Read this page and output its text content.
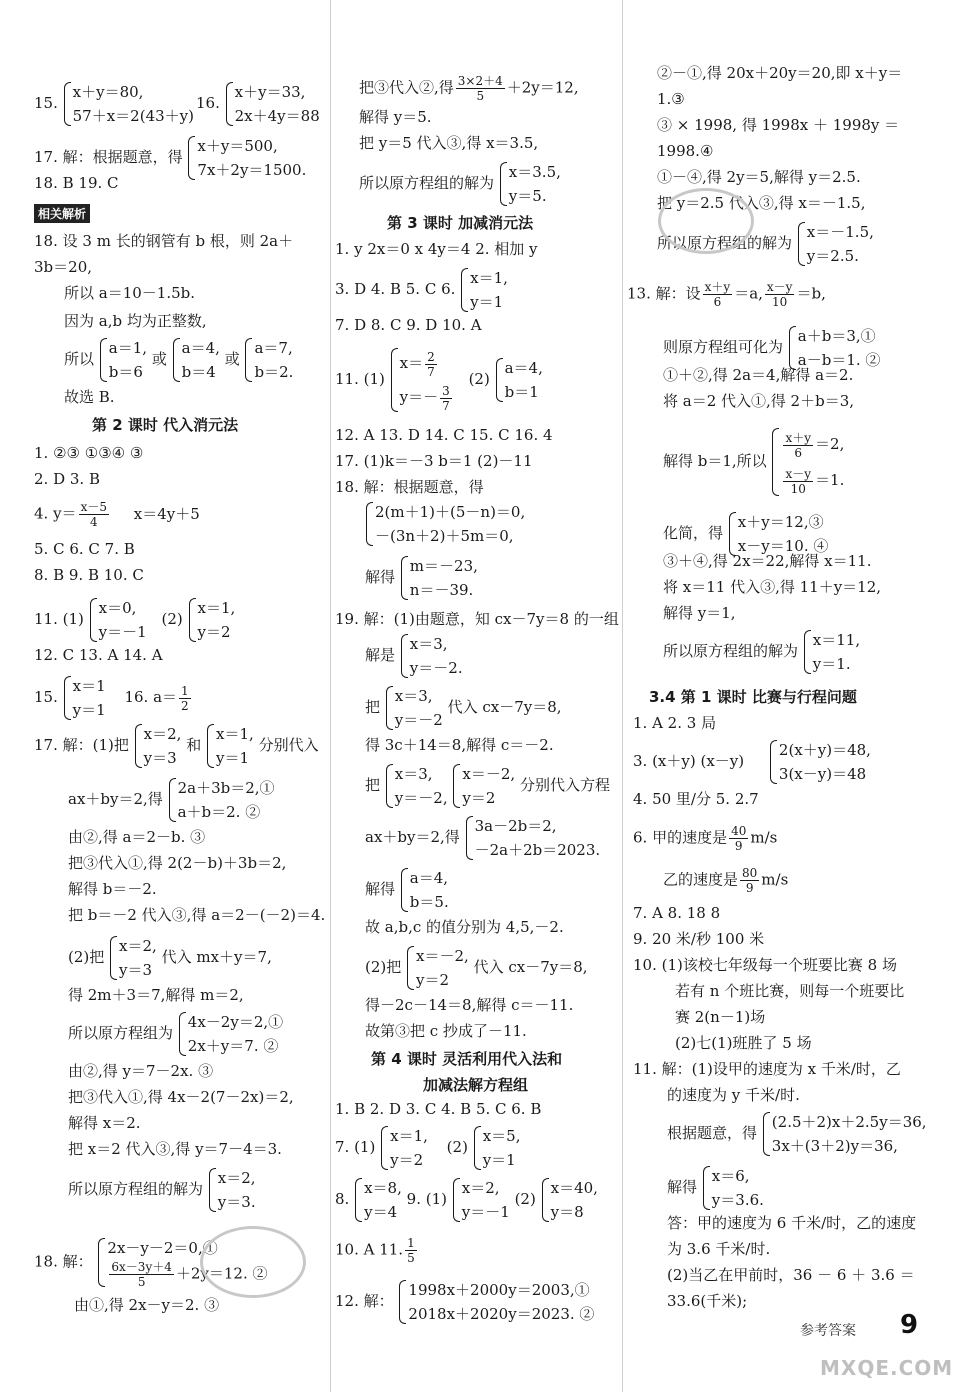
15.
x＋y＝80,
57＋x＝2(43＋y)
16.
x＋y＝33,
2x＋4y＝88
17. 解：根据题意，得
x＋y＝500,
7x＋2y＝1500.
18. B 19. C
相关解析
18. 设 3 m 长的钢管有 b 根，则 2a＋
3b＝20,
所以 a＝10－1.5b.
因为 a,b 均为正整数,
所以
a＝1,
b＝6
或
a＝4,
b＝4
或
a＝7,
b＝2.
故选 B.
第 2 课时 代入消元法
1. ②③ ①③④ ③
2. D 3. B
4. $y= \frac{x-5}{4} x=4y+5$
5. C 6. C 7. B
8. B 9. B 10. C
11. (1)
x＝0,
y＝－1
(2)
x＝1,
y＝2
12. C 13. A 14. A
15.
x＝1
y＝1
16. $a= \frac{1}{2}$
17. 解：(1)把
x＝2,
y＝3
和
x＝1,
y＝1
分别代入
ax＋by＝2,得
2a＋3b＝2,①
a＋b＝2. ②
由②,得 a＝2－b. ③
把③代入①,得 2(2－b)＋3b＝2,
解得 b＝－2.
把 b＝－2 代入③,得 a＝2－(－2)＝4.
(2)把
x＝2,
y＝3
代入 mx＋y＝7,
得 2m＋3＝7,解得 m＝2,
所以原方程组为
4x－2y＝2,①
2x＋y＝7. ②
由②,得 y＝7－2x. ③
把③代入①,得 4x－2(7－2x)＝2,
解得 x＝2.
把 x＝2 代入③,得 y＝7－4＝3.
所以原方程组的解为
x＝2,
y＝3.
18. 解：
2x－y－2＝0,①
$\frac{6x-3y+4}{5} +2y=12$. ②
由①,得 2x－y＝2. ③
把③代入②,得 $\frac{3\times 2+4}{5} +2y=12$,
解得 y＝5.
把 y＝5 代入③,得 x＝3.5,
所以原方程组的解为
x＝3.5,
y＝5.
第 3 课时 加减消元法
1. y 2x＝0 x 4y＝4 2. 相加 y
3. D 4. B 5. C 6.
x＝1,
y＝1
7. D 8. C 9. D 10. A
11. (1)
$x= \frac{2}{7}$
$y=- \frac{3}{7}$
(2)
a＝4,
b＝1
12. A 13. D 14. C 15. C 16. 4
17. (1)k＝－3 b＝1 (2)－11
18. 解：根据题意，得
2(m＋1)＋(5－n)＝0,
－(3n＋2)＋5m＝0,
解得
m＝－23,
n＝－39.
19. 解：(1)由题意，知 cx－7y＝8 的一组
解是
x＝3,
y＝－2.
把
x＝3,
y＝－2
代入 cx－7y＝8,
得 3c＋14＝8,解得 c＝－2.
把
x＝3,
y＝－2,

x＝－2,
y＝2
分别代入方程
ax＋by＝2,得
3a－2b＝2,
－2a＋2b＝2023.
解得
a＝4,
b＝5.
故 a,b,c 的值分别为 4,5,－2.
(2)把
x＝－2,
y＝2
代入 cx－7y＝8,
得－2c－14＝8,解得 c＝－11.
故第③把 c 抄成了－11.
第 4 课时 灵活利用代入法和
加减法解方程组
1. B 2. D 3. C 4. B 5. C 6. B
7. (1)
x＝1,
y＝2
(2)
x＝5,
y＝1
8.
x＝8,
y＝4
9. (1)
x＝2,
y＝－1
(2)
x＝40,
y＝8
10. A 11. $\frac{1}{5}$
12. 解：
1998x＋2000y＝2003,①
2018x＋2020y＝2023. ②
②－①,得 20x＋20y＝20,即 x＋y＝
1.③
③ × 1998, 得 1998x ＋ 1998y ＝
1998.④
①－④,得 2y＝5,解得 y＝2.5.
把 y＝2.5 代入③,得 x＝－1.5,
所以原方程组的解为
x＝－1.5,
y＝2.5.
13. 解：设 $\frac{x+y}{6} =a$, $\frac{x-y}{10} =b$,
则原方程组可化为
a＋b＝3,①
a－b＝1. ②
①＋②,得 2a＝4,解得 a＝2.
将 a＝2 代入①,得 2＋b＝3,
解得 b＝1,所以
$\frac{x+y}{6} =2$,
$\frac{x-y}{10} =1$.
化简，得
x＋y＝12,③
x－y＝10. ④
③＋④,得 2x＝22,解得 x＝11.
将 x＝11 代入③,得 11＋y＝12,
解得 y＝1,
所以原方程组的解为
x＝11,
y＝1.
3.4 第 1 课时 比赛与行程问题
1. A 2. 3 局
3. (x＋y) (x－y)
2(x＋y)＝48,
3(x－y)＝48
4. 50 里/分 5. 2.7
6. 甲的速度是 $\frac{40}{9} m/s$
乙的速度是 $\frac{80}{9} m/s$
7. A 8. 18 8
9. 20 米/秒 100 米
10. (1)该校七年级每一个班要比赛 8 场
若有 n 个班比赛，则每一个班要比
赛 2(n－1)场
(2)七(1)班胜了 5 场
11. 解：(1)设甲的速度为 x 千米/时，乙
的速度为 y 千米/时.
根据题意，得
(2.5＋2)x＋2.5y＝36,
3x＋(3＋2)y＝36,
解得
x＝6,
y＝3.6.
答：甲的速度为 6 千米/时，乙的速度
为 3.6 千米/时.
(2)当乙在甲前时，36 － 6 ＋ 3.6 ＝
33.6(千米);
参考答案 9
MXQE.COM
